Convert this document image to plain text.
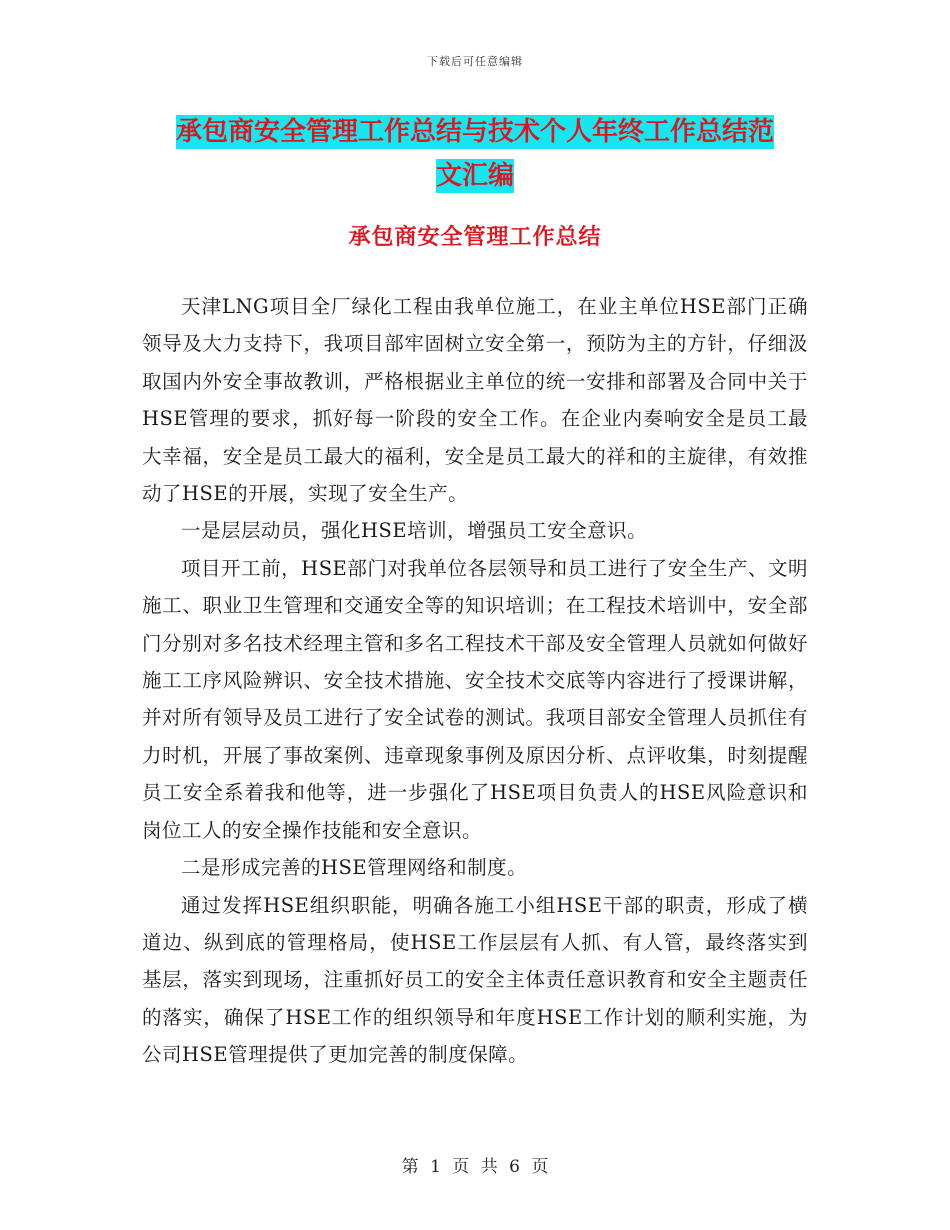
下载后可任意编辑
承包商安全管理工作总结与技术个人年终工作总结范
文汇编
承包商安全管理工作总结

天津LNG项目全厂绿化工程由我单位施工，在业主单位HSE部门正确领导及大力支持下，我项目部牢固树立安全第一，预防为主的方针，仔细汲取国内外安全事故教训，严格根据业主单位的统一安排和部署及合同中关于HSE管理的要求，抓好每一阶段的安全工作。在企业内奏响安全是员工最大幸福，安全是员工最大的福利，安全是员工最大的祥和的主旋律，有效推动了HSE的开展，实现了安全生产。

一是层层动员，强化HSE培训，增强员工安全意识。

项目开工前，HSE部门对我单位各层领导和员工进行了安全生产、文明施工、职业卫生管理和交通安全等的知识培训；在工程技术培训中，安全部门分别对多名技术经理主管和多名工程技术干部及安全管理人员就如何做好施工工序风险辨识、安全技术措施、安全技术交底等内容进行了授课讲解，并对所有领导及员工进行了安全试卷的测试。我项目部安全管理人员抓住有力时机，开展了事故案例、违章现象事例及原因分析、点评收集，时刻提醒员工安全系着我和他等，进一步强化了HSE项目负责人的HSE风险意识和岗位工人的安全操作技能和安全意识。

二是形成完善的HSE管理网络和制度。

通过发挥HSE组织职能，明确各施工小组HSE干部的职责，形成了横道边、纵到底的管理格局，使HSE工作层层有人抓、有人管，最终落实到基层，落实到现场，注重抓好员工的安全主体责任意识教育和安全主题责任的落实，确保了HSE工作的组织领导和年度HSE工作计划的顺利实施，为公司HSE管理提供了更加完善的制度保障。

第 1 页 共 6 页
